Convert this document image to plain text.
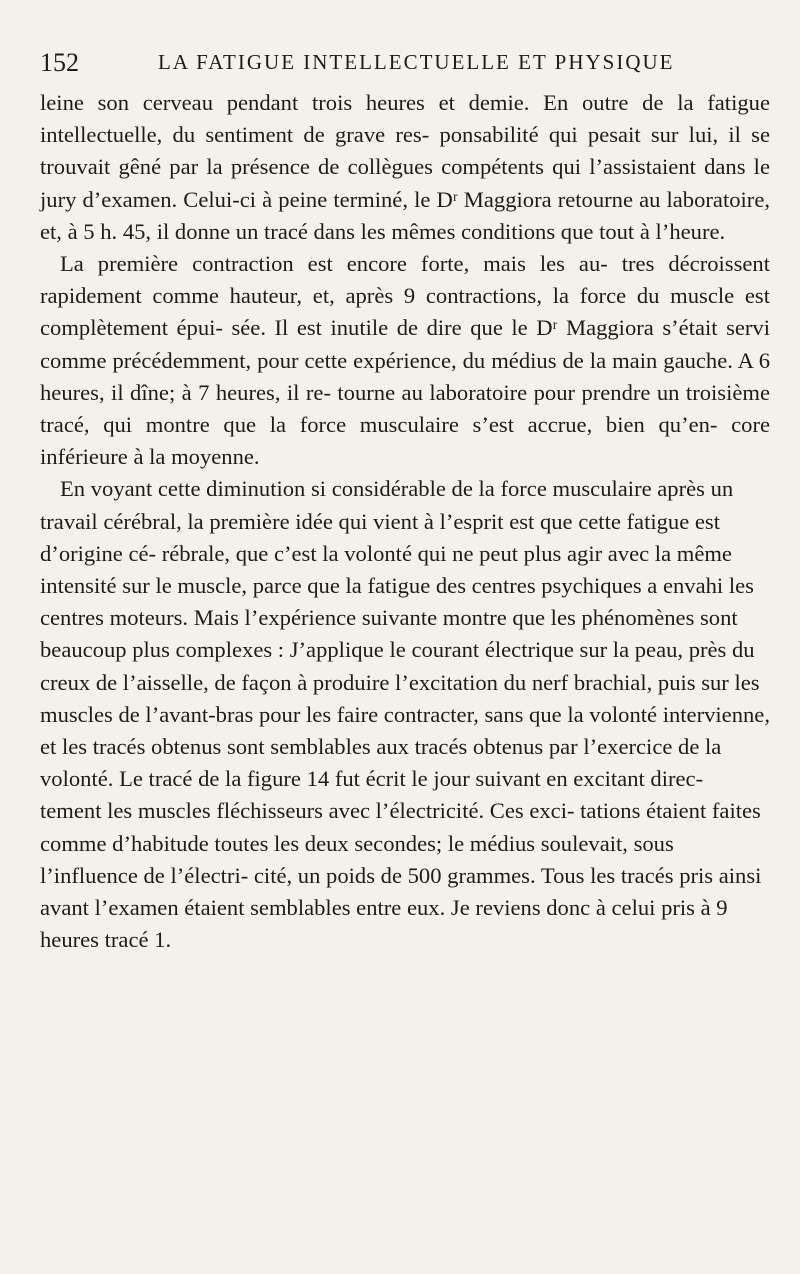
152	LA FATIGUE INTELLECTUELLE ET PHYSIQUE

leine son cerveau pendant trois heures et demie. En outre de la fatigue intellectuelle, du sentiment de grave res- ponsabilité qui pesait sur lui, il se trouvait gêné par la présence de collègues compétents qui l’assistaient dans le jury d’examen. Celui-ci à peine terminé, le Dʳ Maggiora retourne au laboratoire, et, à 5 h. 45, il donne un tracé dans les mêmes conditions que tout à l’heure.

La première contraction est encore forte, mais les au- tres décroissent rapidement comme hauteur, et, après 9 contractions, la force du muscle est complètement épui- sée. Il est inutile de dire que le Dʳ Maggiora s’était servi comme précédemment, pour cette expérience, du médius de la main gauche. A 6 heures, il dîne; à 7 heures, il re- tourne au laboratoire pour prendre un troisième tracé, qui montre que la force musculaire s’est accrue, bien qu’en- core inférieure à la moyenne.

En voyant cette diminution si considérable de la force musculaire après un travail cérébral, la première idée qui vient à l’esprit est que cette fatigue est d’origine cé- rébrale, que c’est la volonté qui ne peut plus agir avec la même intensité sur le muscle, parce que la fatigue des centres psychiques a envahi les centres moteurs. Mais l’expérience suivante montre que les phénomènes sont beaucoup plus complexes : J’applique le courant électrique sur la peau, près du creux de l’aisselle, de façon à produire l’excitation du nerf brachial, puis sur les muscles de l’avant-bras pour les faire contracter, sans que la volonté intervienne, et les tracés obtenus sont semblables aux tracés obtenus par l’exercice de la volonté. Le tracé de la figure 14 fut écrit le jour suivant en excitant direc- tement les muscles fléchisseurs avec l’électricité. Ces exci- tations étaient faites comme d’habitude toutes les deux secondes; le médius soulevait, sous l’influence de l’électri- cité, un poids de 500 grammes. Tous les tracés pris ainsi avant l’examen étaient semblables entre eux. Je reviens donc à celui pris à 9 heures tracé 1.
